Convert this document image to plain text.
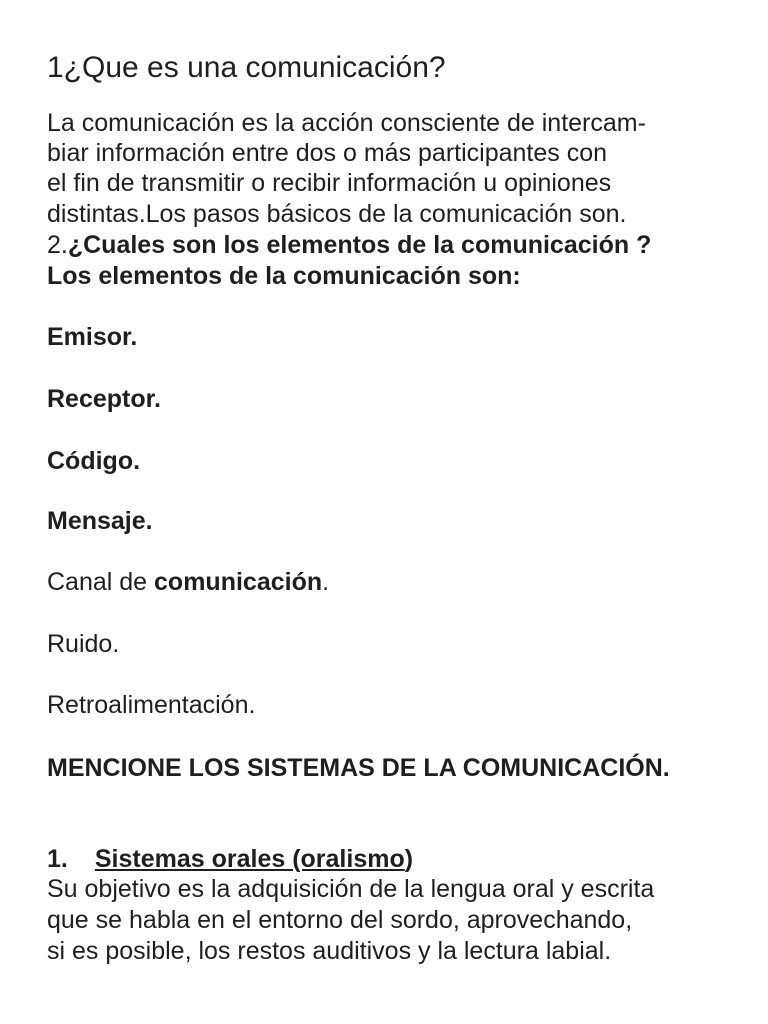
1¿Que es una comunicación?
La comunicación es la acción consciente de intercam-
biar información entre dos o más participantes con
el fin de transmitir o recibir información u opiniones
distintas.Los pasos básicos de la comunicación son.
2.¿Cuales son los elementos de la comunicación ?
Los elementos de la comunicación son:
Emisor.
Receptor.
Código.
Mensaje.
Canal de comunicación.
Ruido.
Retroalimentación.
MENCIONE LOS SISTEMAS DE LA COMUNICACIÓN.
1. Sistemas orales (oralismo)
Su objetivo es la adquisición de la lengua oral y escrita
que se habla en el entorno del sordo, aprovechando,
si es posible, los restos auditivos y la lectura labial.
